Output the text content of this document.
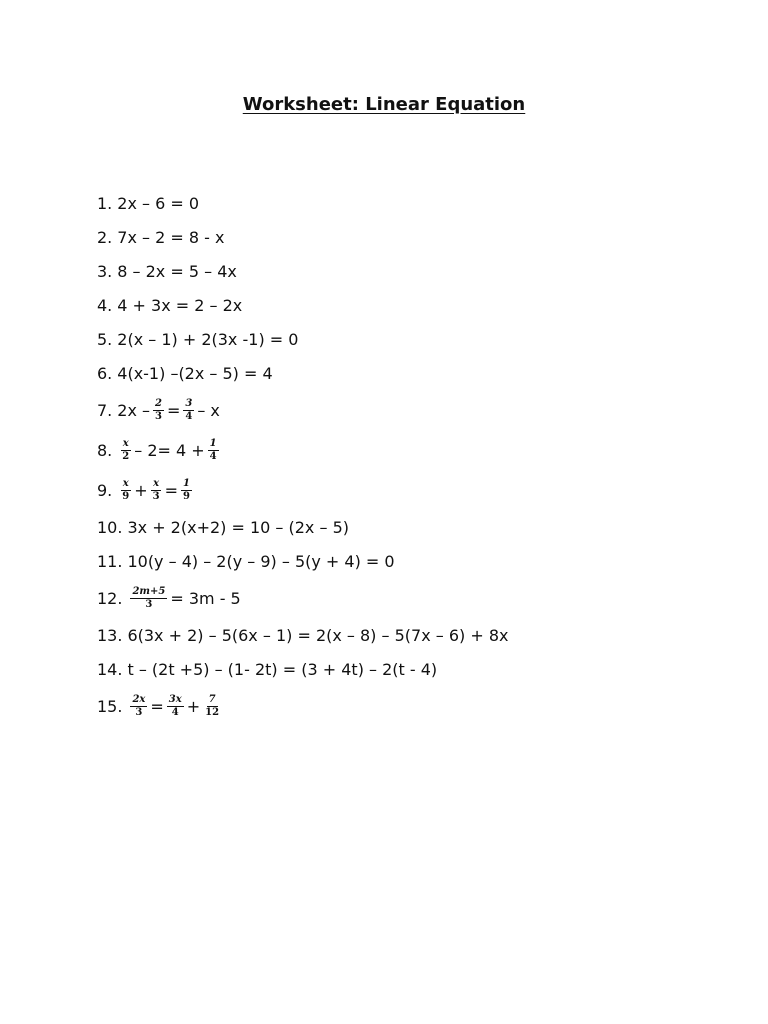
Worksheet: Linear Equation
1. 2x – 6 = 0
2. 7x – 2 = 8 - x
3. 8 – 2x = 5 – 4x
4. 4 + 3x = 2 – 2x
5. 2(x – 1) + 2(3x -1) = 0
6. 4(x-1) –(2x – 5) = 4
7. $2x - \frac{2}{3} = \frac{3}{4} - x$
8. $\frac{x}{2} - 2= 4 + \frac{1}{4}$
9. $\frac{x}{9} + \frac{x}{3} = \frac{1}{9}$
10. 3x + 2(x+2) = 10 – (2x – 5)
11. 10(y – 4) – 2(y – 9) – 5(y + 4) = 0
12. $\frac{2m+5}{3} = 3m - 5$
13. 6(3x + 2) – 5(6x – 1) = 2(x – 8) – 5(7x – 6) + 8x
14. t – (2t +5) – (1- 2t) = (3 + 4t) – 2(t - 4)
15. $\frac{2x}{3} = \frac{3x}{4} + \frac{7}{12}$
